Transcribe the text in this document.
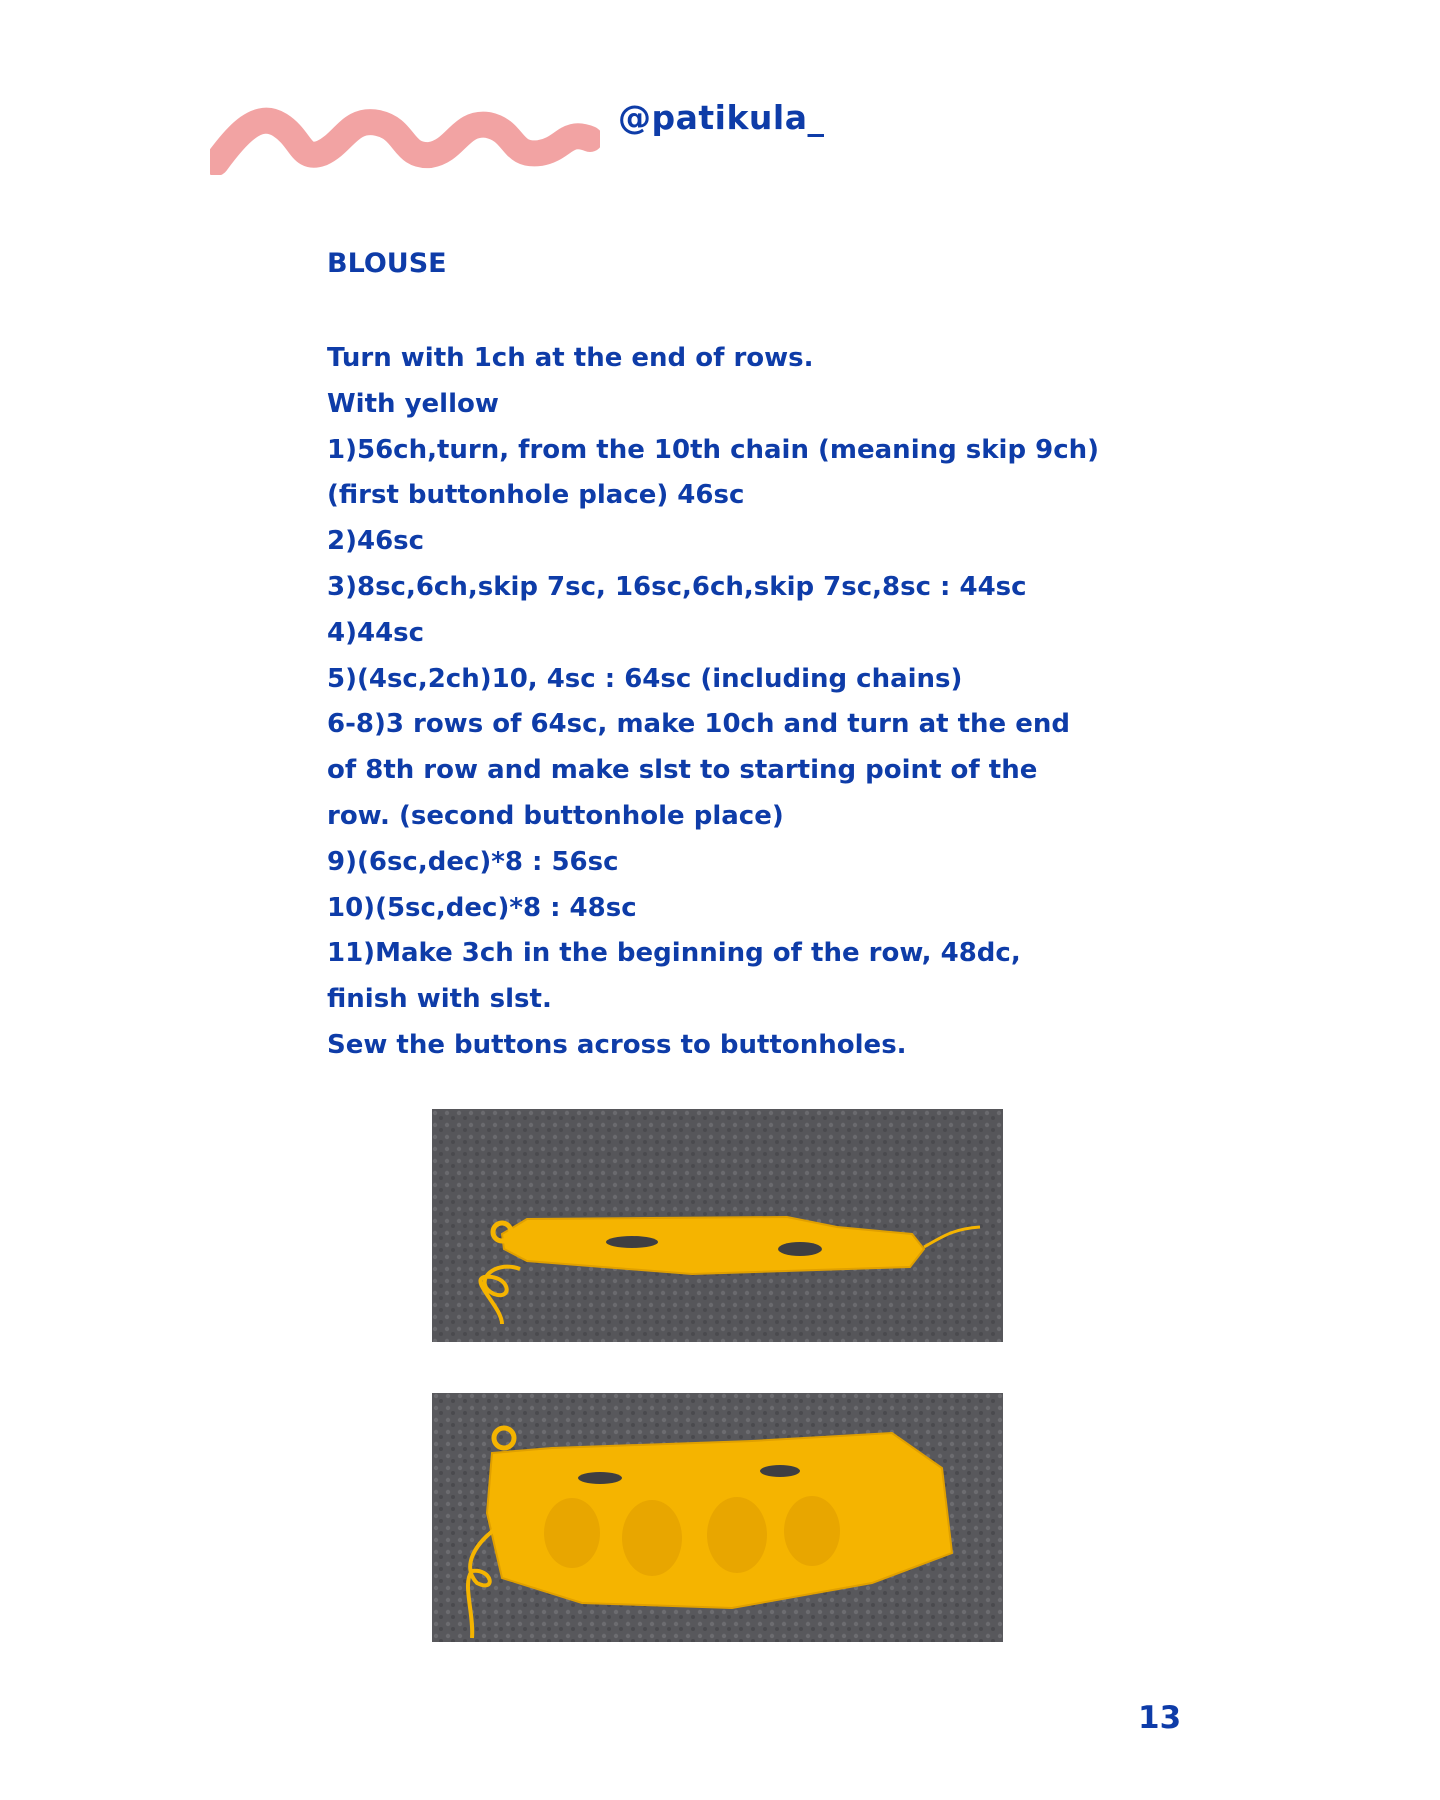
@patikula_
BLOUSE
Turn with 1ch at the end of rows.
With yellow
1)56ch,turn, from the 10th chain (meaning skip 9ch)
(first buttonhole place) 46sc
2)46sc
3)8sc,6ch,skip 7sc, 16sc,6ch,skip 7sc,8sc : 44sc
4)44sc
5)(4sc,2ch)10, 4sc : 64sc (including chains)
6-8)3 rows of 64sc, make 10ch and turn at the end
of 8th row and make slst to starting point of the
row. (second buttonhole place)
9)(6sc,dec)*8 : 56sc
10)(5sc,dec)*8 : 48sc
11)Make 3ch in the beginning of the row, 48dc,
finish with slst.
Sew the buttons across to buttonholes.
13
